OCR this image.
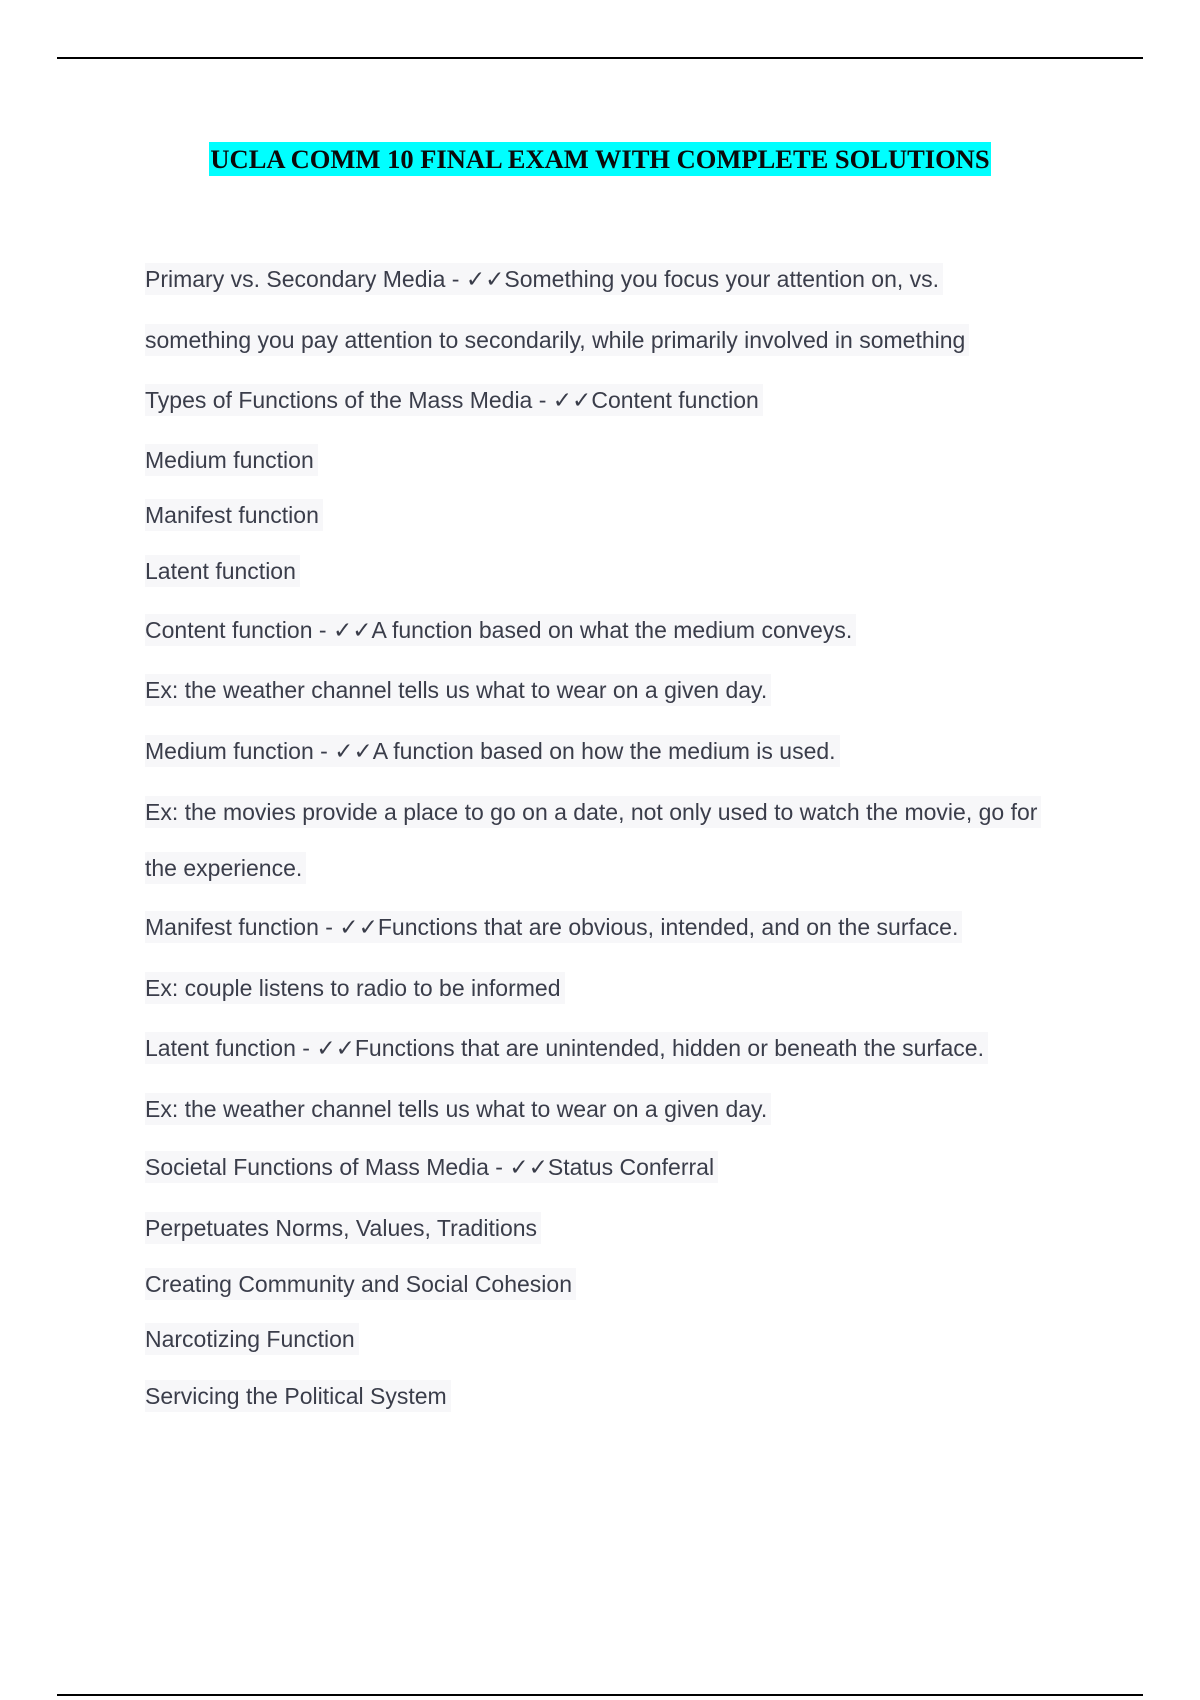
UCLA COMM 10 FINAL EXAM WITH COMPLETE SOLUTIONS
Primary vs. Secondary Media - ✓✓Something you focus your attention on, vs.
something you pay attention to secondarily, while primarily involved in something
Types of Functions of the Mass Media - ✓✓Content function
Medium function
Manifest function
Latent function
Content function - ✓✓A function based on what the medium conveys.
Ex: the weather channel tells us what to wear on a given day.
Medium function - ✓✓A function based on how the medium is used.
Ex: the movies provide a place to go on a date, not only used to watch the movie, go for
the experience.
Manifest function - ✓✓Functions that are obvious, intended, and on the surface.
Ex: couple listens to radio to be informed
Latent function - ✓✓Functions that are unintended, hidden or beneath the surface.
Ex: the weather channel tells us what to wear on a given day.
Societal Functions of Mass Media - ✓✓Status Conferral
Perpetuates Norms, Values, Traditions
Creating Community and Social Cohesion
Narcotizing Function
Servicing the Political System
